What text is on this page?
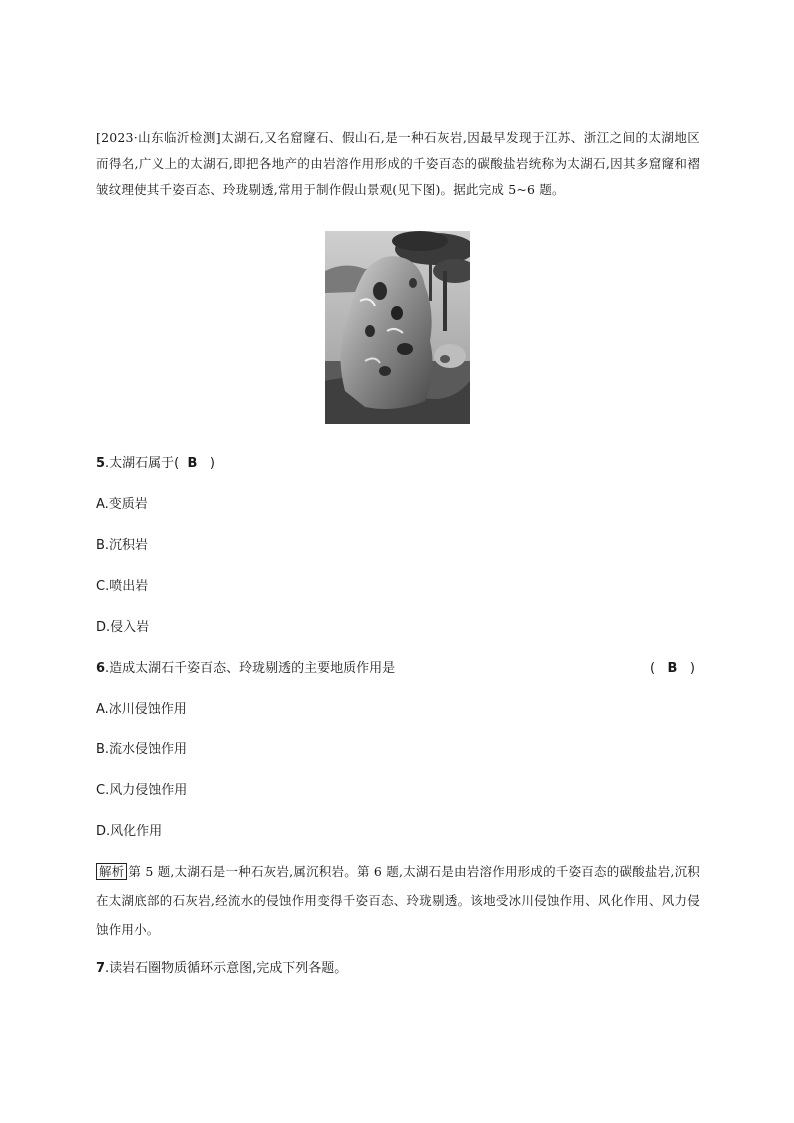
[2023·山东临沂检测]太湖石,又名窟窿石、假山石,是一种石灰岩,因最早发现于江苏、浙江之间的太湖地区而得名,广义上的太湖石,即把各地产的由岩溶作用形成的千姿百态的碳酸盐岩统称为太湖石,因其多窟窿和褶皱纹理使其千姿百态、玲珑剔透,常用于制作假山景观(见下图)。据此完成 5~6 题。
5.太湖石属于( B )
A.变质岩
B.沉积岩
C.喷出岩
D.侵入岩
6.造成太湖石千姿百态、玲珑剔透的主要地质作用是	( B )
A.冰川侵蚀作用
B.流水侵蚀作用
C.风力侵蚀作用
D.风化作用
解析 第 5 题,太湖石是一种石灰岩,属沉积岩。第 6 题,太湖石是由岩溶作用形成的千姿百态的碳酸盐岩,沉积在太湖底部的石灰岩,经流水的侵蚀作用变得千姿百态、玲珑剔透。该地受冰川侵蚀作用、风化作用、风力侵蚀作用小。
7.读岩石圈物质循环示意图,完成下列各题。
